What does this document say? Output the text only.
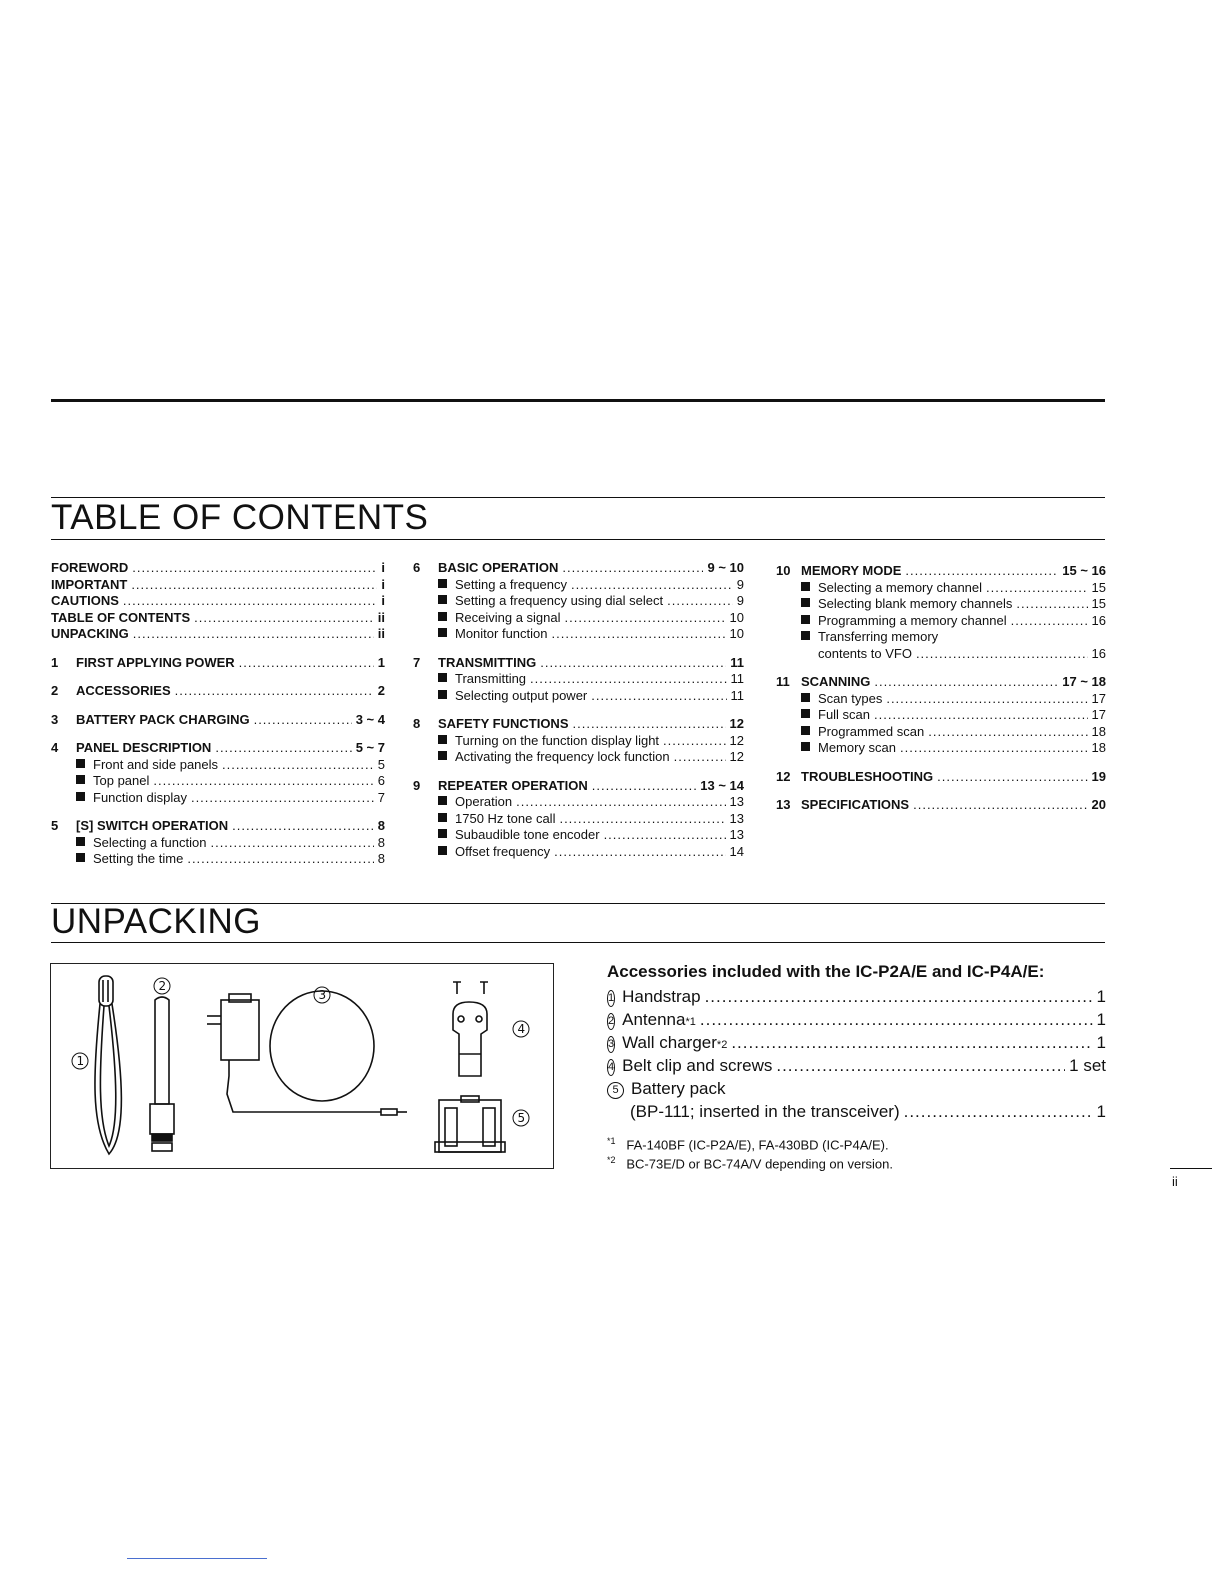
TABLE OF CONTENTS
FOREWORD .....	i
IMPORTANT .....	i
CAUTIONS .....	i
TABLE OF CONTENTS .....	ii
UNPACKING .....	ii
1	FIRST APPLYING POWER .....	1
2	ACCESSORIES .....	2
3	BATTERY PACK CHARGING .....	3 ~ 4
4	PANEL DESCRIPTION .....	5 ~ 7
Front and side panels .....	5
Top panel .....	6
Function display .....	7
5	[S] SWITCH OPERATION .....	8
Selecting a function .....	8
Setting the time .....	8
6	BASIC OPERATION .....	9 ~ 10
Setting a frequency .....	9
Setting a frequency using dial select .....	9
Receiving a signal .....	10
Monitor function .....	10
7	TRANSMITTING .....	11
Transmitting .....	11
Selecting output power .....	11
8	SAFETY FUNCTIONS .....	12
Turning on the function display light .....	12
Activating the frequency lock function .....	12
9	REPEATER OPERATION .....	13 ~ 14
Operation .....	13
1750 Hz tone call .....	13
Subaudible tone encoder .....	13
Offset frequency .....	14
10 MEMORY MODE .....	15 ~ 16
Selecting a memory channel .....	15
Selecting blank memory channels .....	15
Programming a memory channel .....	16
Transferring memory
contents to VFO .....	16
11 SCANNING .....	17 ~ 18
Scan types .....	17
Full scan .....	17
Programmed scan .....	18
Memory scan .....	18
12 TROUBLESHOOTING .....	19
13 SPECIFICATIONS .....	20
UNPACKING
1
2
3
4
5
Accessories included with the IC-P2A/E and IC-P4A/E:
1 Handstrap .....	1
2 Antenna *1 .....	1
3 Wall charger *2 .....	1
4 Belt clip and screws .....	1 set
5 Battery pack
(BP-111; inserted in the transceiver) .....	1
$^{*1}$ FA-140BF (IC-P2A/E), FA-430BD (IC-P4A/E).
$^{*2}$ BC-73E/D or BC-74A/V depending on version.
ii
